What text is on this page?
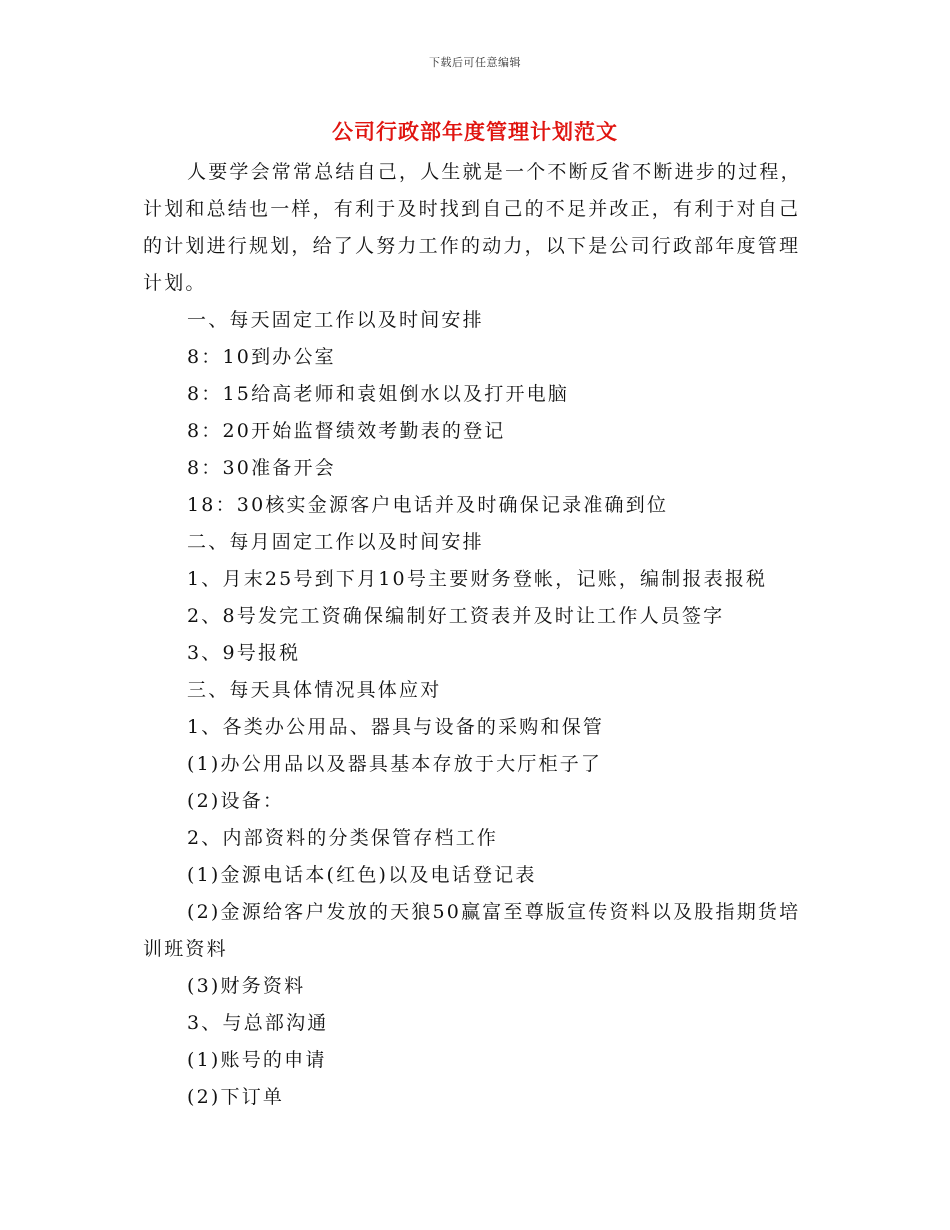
下载后可任意编辑
公司行政部年度管理计划范文

人要学会常常总结自己，人生就是一个不断反省不断进步的过程，计划和总结也一样，有利于及时找到自己的不足并改正，有利于对自己的计划进行规划，给了人努力工作的动力，以下是公司行政部年度管理计划。

一、每天固定工作以及时间安排

8：10到办公室

8：15给高老师和袁姐倒水以及打开电脑

8：20开始监督绩效考勤表的登记

8：30准备开会

18：30核实金源客户电话并及时确保记录准确到位

二、每月固定工作以及时间安排

1、月末25号到下月10号主要财务登帐，记账，编制报表报税

2、8号发完工资确保编制好工资表并及时让工作人员签字

3、9号报税

三、每天具体情况具体应对

1、各类办公用品、器具与设备的采购和保管

(1)办公用品以及器具基本存放于大厅柜子了

(2)设备：

2、内部资料的分类保管存档工作

(1)金源电话本(红色)以及电话登记表

(2)金源给客户发放的天狼50赢富至尊版宣传资料以及股指期货培训班资料

(3)财务资料

3、与总部沟通

(1)账号的申请

(2)下订单
